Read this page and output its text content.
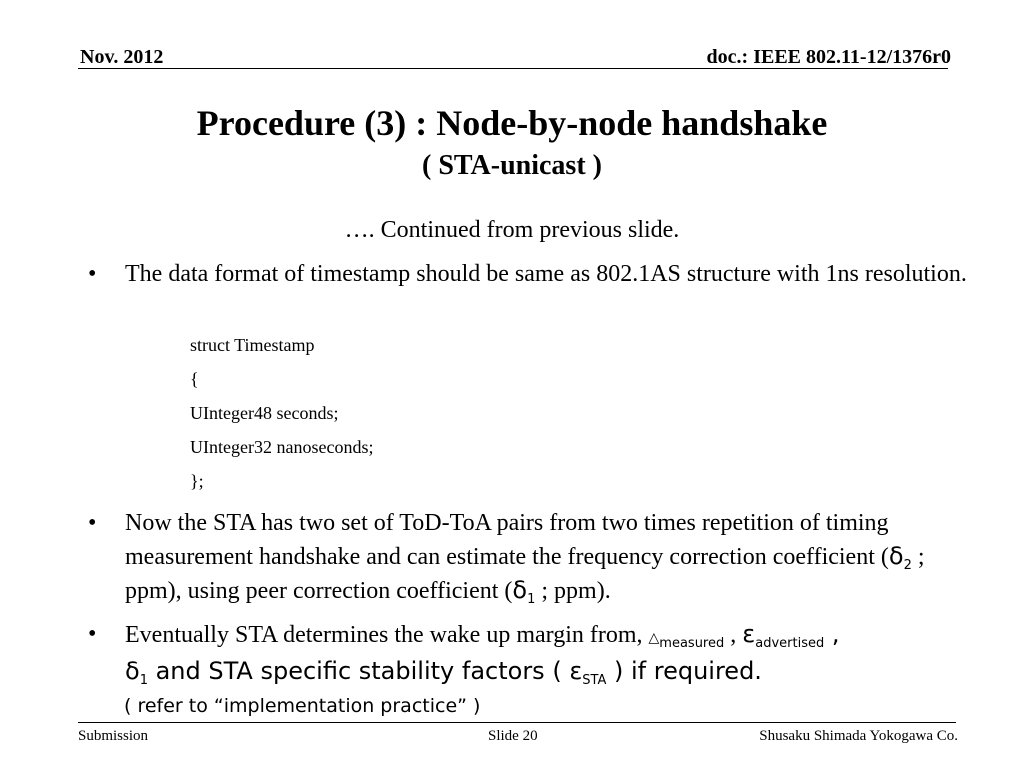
Nov. 2012	doc.: IEEE 802.11-12/1376r0
Procedure (3) : Node-by-node handshake
( STA-unicast )
…. Continued from previous slide.
•	The data format of timestamp should be same as 802.1AS structure with 1ns resolution.
struct Timestamp
{
UInteger48 seconds;
UInteger32 nanoseconds;
};
•	Now the STA has two set of ToD-ToA pairs from two times repetition of timing measurement handshake and can estimate the frequency correction coefficient ($\delta_2$ ; ppm), using peer correction coefficient ($\delta_1$ ; ppm).
•	Eventually STA determines the wake up margin from, $\triangle_{measured}$ , $\varepsilon_{advertised}$ ,
$\delta_1$ and STA specific stability factors ( $\varepsilon_{STA}$ ) if required.
( refer to “implementation practice” )
Submission	Slide 20	Shusaku Shimada Yokogawa Co.
